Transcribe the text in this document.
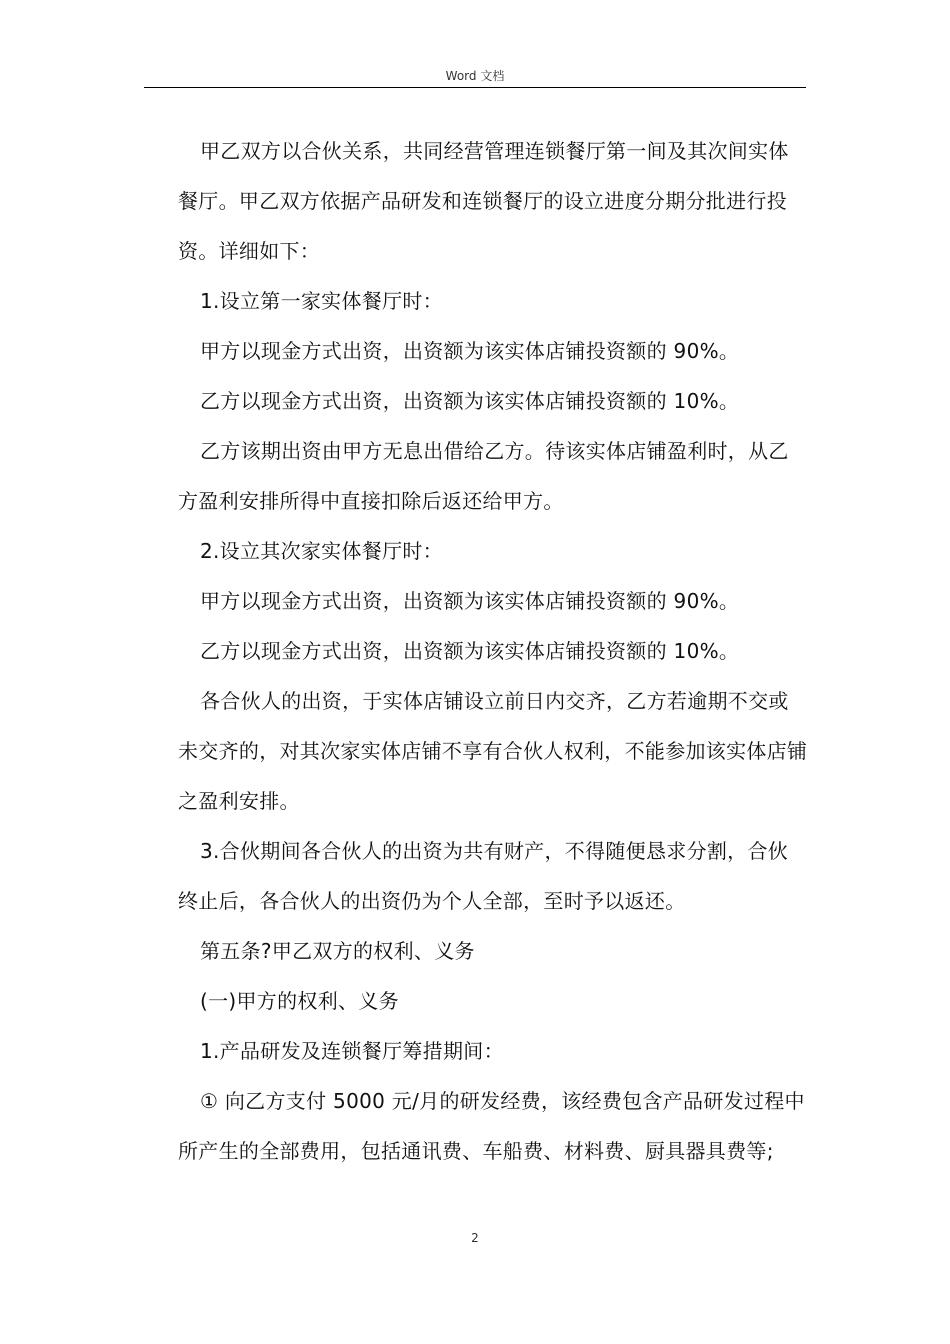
Word 文档

甲乙双方以合伙关系，共同经营管理连锁餐厅第一间及其次间实体餐厅。甲乙双方依据产品研发和连锁餐厅的设立进度分期分批进行投资。详细如下：

1.设立第一家实体餐厅时：

甲方以现金方式出资，出资额为该实体店铺投资额的 90%。

乙方以现金方式出资，出资额为该实体店铺投资额的 10%。

乙方该期出资由甲方无息出借给乙方。待该实体店铺盈利时，从乙方盈利安排所得中直接扣除后返还给甲方。

2.设立其次家实体餐厅时：

甲方以现金方式出资，出资额为该实体店铺投资额的 90%。

乙方以现金方式出资，出资额为该实体店铺投资额的 10%。

各合伙人的出资，于实体店铺设立前日内交齐，乙方若逾期不交或未交齐的，对其次家实体店铺不享有合伙人权利，不能参加该实体店铺之盈利安排。

3.合伙期间各合伙人的出资为共有财产，不得随便恳求分割，合伙终止后，各合伙人的出资仍为个人全部，至时予以返还。

第五条?甲乙双方的权利、义务

(一)甲方的权利、义务

1.产品研发及连锁餐厅筹措期间：

① 向乙方支付 5000 元/月的研发经费，该经费包含产品研发过程中所产生的全部费用，包括通讯费、车船费、材料费、厨具器具费等;

2
